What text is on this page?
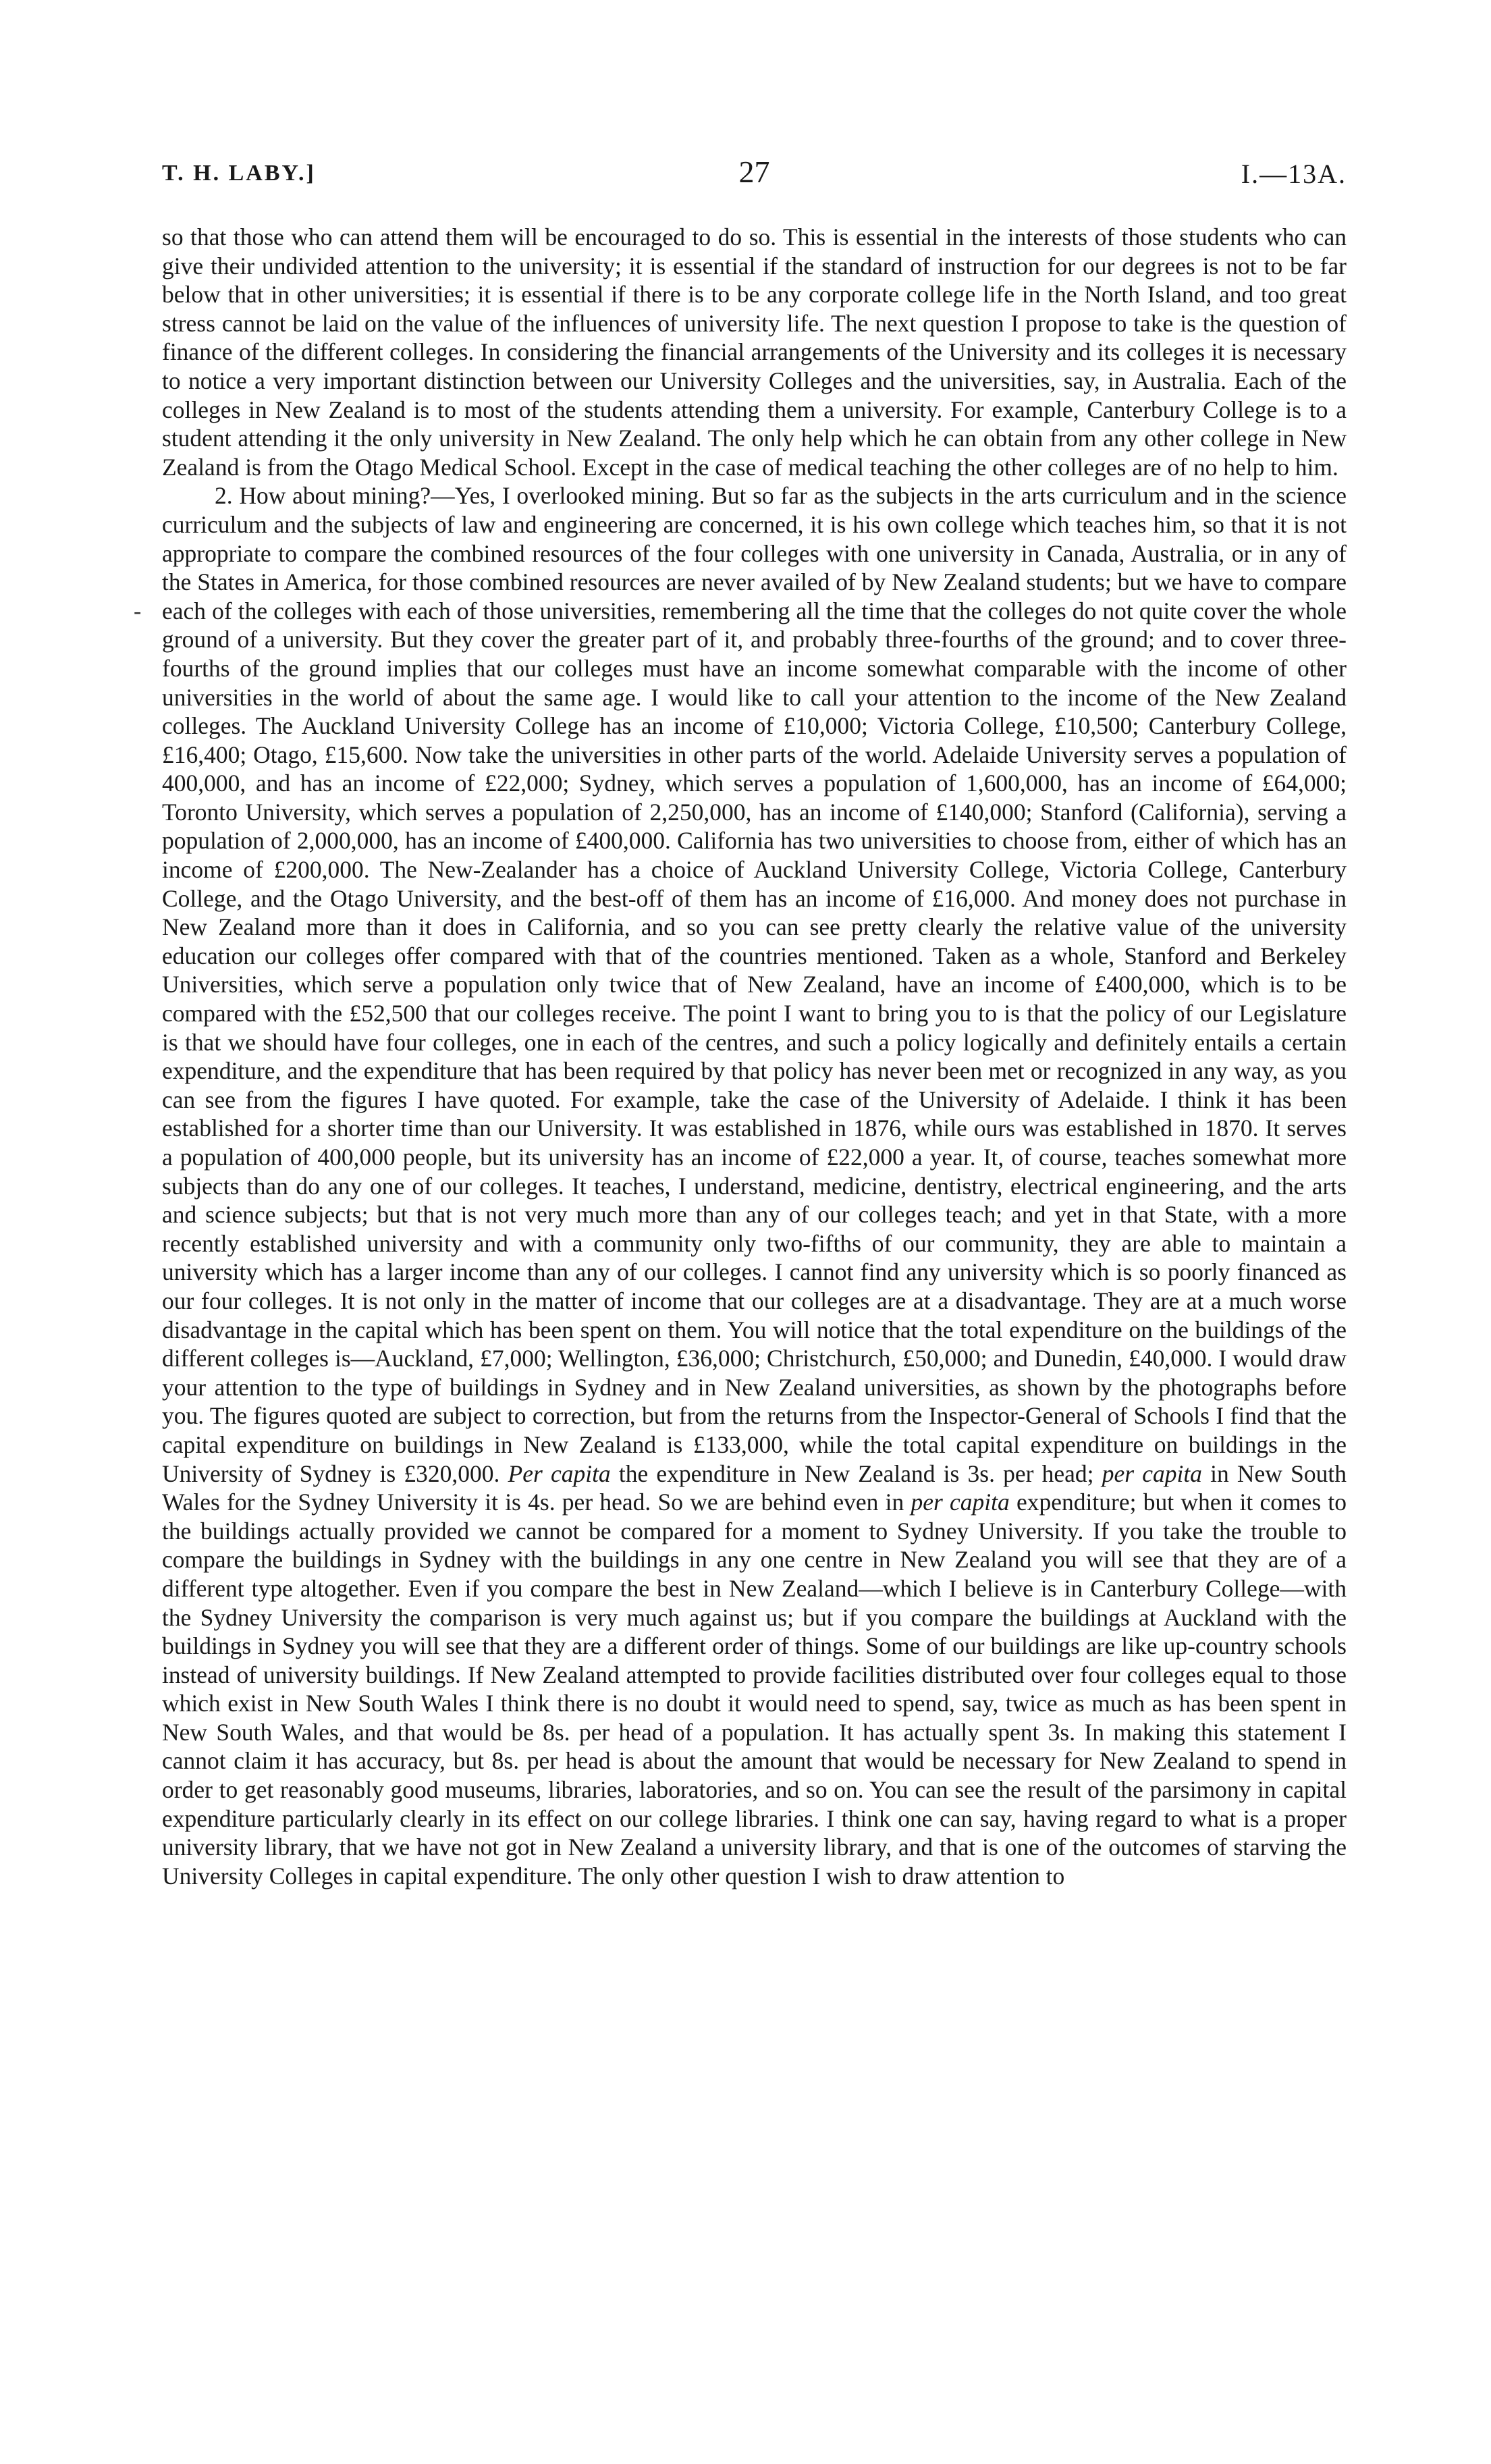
T. H. LABY.]	27	I.—13A.

so that those who can attend them will be encouraged to do so. This is essential in the interests of those students who can give their undivided attention to the university; it is essential if the standard of instruction for our degrees is not to be far below that in other universities; it is essential if there is to be any corporate college life in the North Island, and too great stress cannot be laid on the value of the influences of university life. The next question I propose to take is the question of finance of the different colleges. In considering the financial arrangements of the University and its colleges it is necessary to notice a very important distinction between our University Colleges and the universities, say, in Australia. Each of the colleges in New Zealand is to most of the students attending them a university. For example, Canterbury College is to a student attending it the only university in New Zealand. The only help which he can obtain from any other college in New Zealand is from the Otago Medical School. Except in the case of medical teaching the other colleges are of no help to him.

2. How about mining?—Yes, I overlooked mining. But so far as the subjects in the arts curriculum and in the science curriculum and the subjects of law and engineering are concerned, it is his own college which teaches him, so that it is not appropriate to compare the combined resources of the four colleges with one university in Canada, Australia, or in any of the States in America, for those combined resources are never availed of by New Zealand students; but we have to compare each of the colleges with each of those universities, remembering all the time that the colleges do not quite cover the whole ground of a university. But they cover the greater part of it, and probably three-fourths of the ground; and to cover three-fourths of the ground implies that our colleges must have an income somewhat comparable with the income of other universities in the world of about the same age. I would like to call your attention to the income of the New Zealand colleges. The Auckland University College has an income of £10,000; Victoria College, £10,500; Canterbury College, £16,400; Otago, £15,600. Now take the universities in other parts of the world. Adelaide University serves a population of 400,000, and has an income of £22,000; Sydney, which serves a population of 1,600,000, has an income of £64,000; Toronto University, which serves a population of 2,250,000, has an income of £140,000; Stanford (California), serving a population of 2,000,000, has an income of £400,000. California has two universities to choose from, either of which has an income of £200,000. The New-Zealander has a choice of Auckland University College, Victoria College, Canterbury College, and the Otago University, and the best-off of them has an income of £16,000. And money does not purchase in New Zealand more than it does in California, and so you can see pretty clearly the relative value of the university education our colleges offer compared with that of the countries mentioned. Taken as a whole, Stanford and Berkeley Universities, which serve a population only twice that of New Zealand, have an income of £400,000, which is to be compared with the £52,500 that our colleges receive. The point I want to bring you to is that the policy of our Legislature is that we should have four colleges, one in each of the centres, and such a policy logically and definitely entails a certain expenditure, and the expenditure that has been required by that policy has never been met or recognized in any way, as you can see from the figures I have quoted. For example, take the case of the University of Adelaide. I think it has been established for a shorter time than our University. It was established in 1876, while ours was established in 1870. It serves a population of 400,000 people, but its university has an income of £22,000 a year. It, of course, teaches somewhat more subjects than do any one of our colleges. It teaches, I understand, medicine, dentistry, electrical engineering, and the arts and science subjects; but that is not very much more than any of our colleges teach; and yet in that State, with a more recently established university and with a community only two-fifths of our community, they are able to maintain a university which has a larger income than any of our colleges. I cannot find any university which is so poorly financed as our four colleges. It is not only in the matter of income that our colleges are at a disadvantage. They are at a much worse disadvantage in the capital which has been spent on them. You will notice that the total expenditure on the buildings of the different colleges is—Auckland, £7,000; Wellington, £36,000; Christchurch, £50,000; and Dunedin, £40,000. I would draw your attention to the type of buildings in Sydney and in New Zealand universities, as shown by the photographs before you. The figures quoted are subject to correction, but from the returns from the Inspector-General of Schools I find that the capital expenditure on buildings in New Zealand is £133,000, while the total capital expenditure on buildings in the University of Sydney is £320,000. Per capita the expenditure in New Zealand is 3s. per head; per capita in New South Wales for the Sydney University it is 4s. per head. So we are behind even in per capita expenditure; but when it comes to the buildings actually provided we cannot be compared for a moment to Sydney University. If you take the trouble to compare the buildings in Sydney with the buildings in any one centre in New Zealand you will see that they are of a different type altogether. Even if you compare the best in New Zealand—which I believe is in Canterbury College—with the Sydney University the comparison is very much against us; but if you compare the buildings at Auckland with the buildings in Sydney you will see that they are a different order of things. Some of our buildings are like up-country schools instead of university buildings. If New Zealand attempted to provide facilities distributed over four colleges equal to those which exist in New South Wales I think there is no doubt it would need to spend, say, twice as much as has been spent in New South Wales, and that would be 8s. per head of a population. It has actually spent 3s. In making this statement I cannot claim it has accuracy, but 8s. per head is about the amount that would be necessary for New Zealand to spend in order to get reasonably good museums, libraries, laboratories, and so on. You can see the result of the parsimony in capital expenditure particularly clearly in its effect on our college libraries. I think one can say, having regard to what is a proper university library, that we have not got in New Zealand a university library, and that is one of the outcomes of starving the University Colleges in capital expenditure. The only other question I wish to draw attention to

-
